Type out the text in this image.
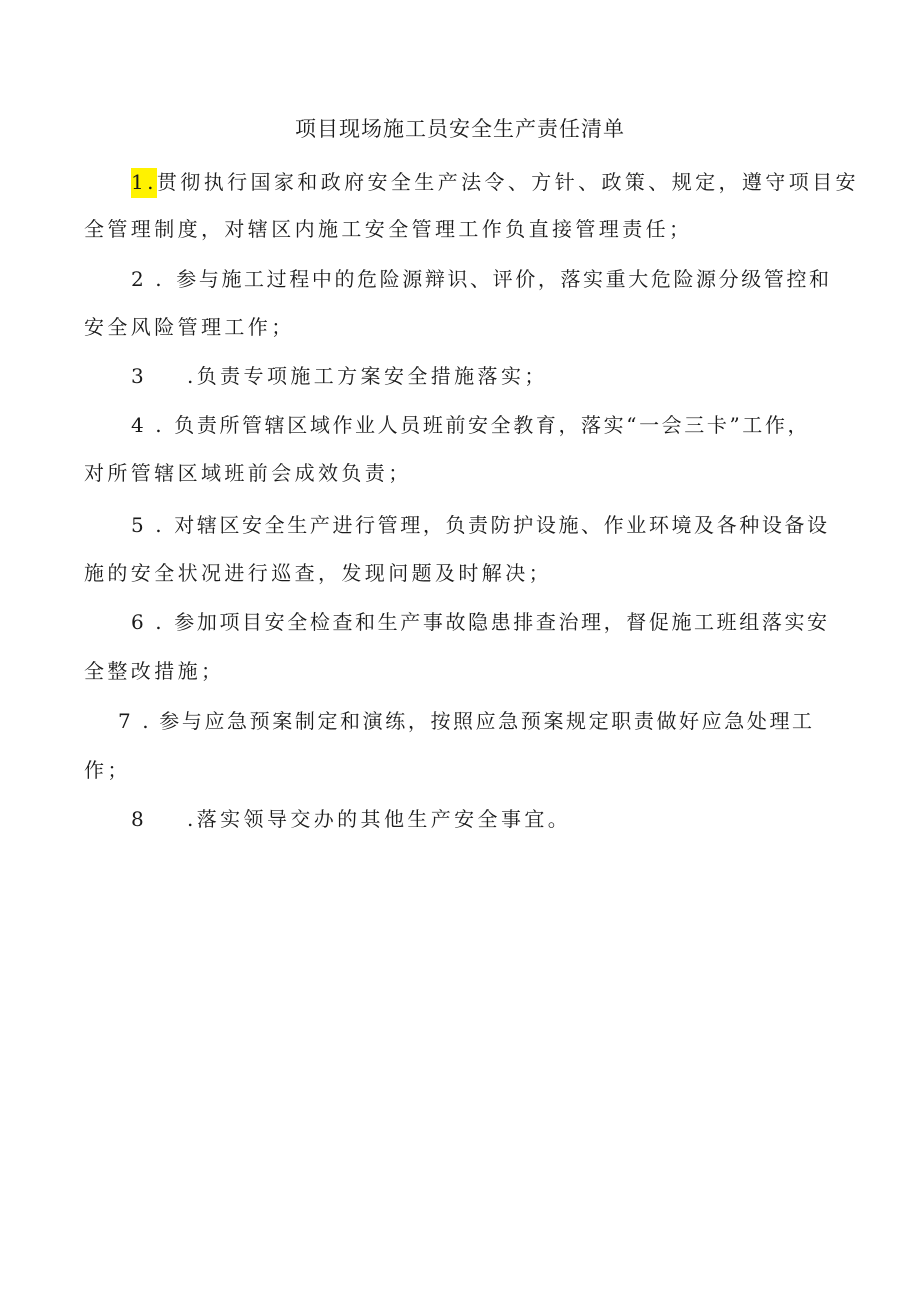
项目现场施工员安全生产责任清单
1.贯彻执行国家和政府安全生产法令、方针、政策、规定，遵守项目安
全管理制度，对辖区内施工安全管理工作负直接管理责任；
2 . 参与施工过程中的危险源辩识、评价，落实重大危险源分级管控和
安全风险管理工作；
3 .负责专项施工方案安全措施落实；
4 . 负责所管辖区域作业人员班前安全教育，落实“一会三卡”工作，
对所管辖区域班前会成效负责；
5 . 对辖区安全生产进行管理，负责防护设施、作业环境及各种设备设
施的安全状况进行巡查，发现问题及时解决；
6 . 参加项目安全检查和生产事故隐患排查治理，督促施工班组落实安
全整改措施；
7 . 参与应急预案制定和演练，按照应急预案规定职责做好应急处理工
作；
8 .落实领导交办的其他生产安全事宜。
